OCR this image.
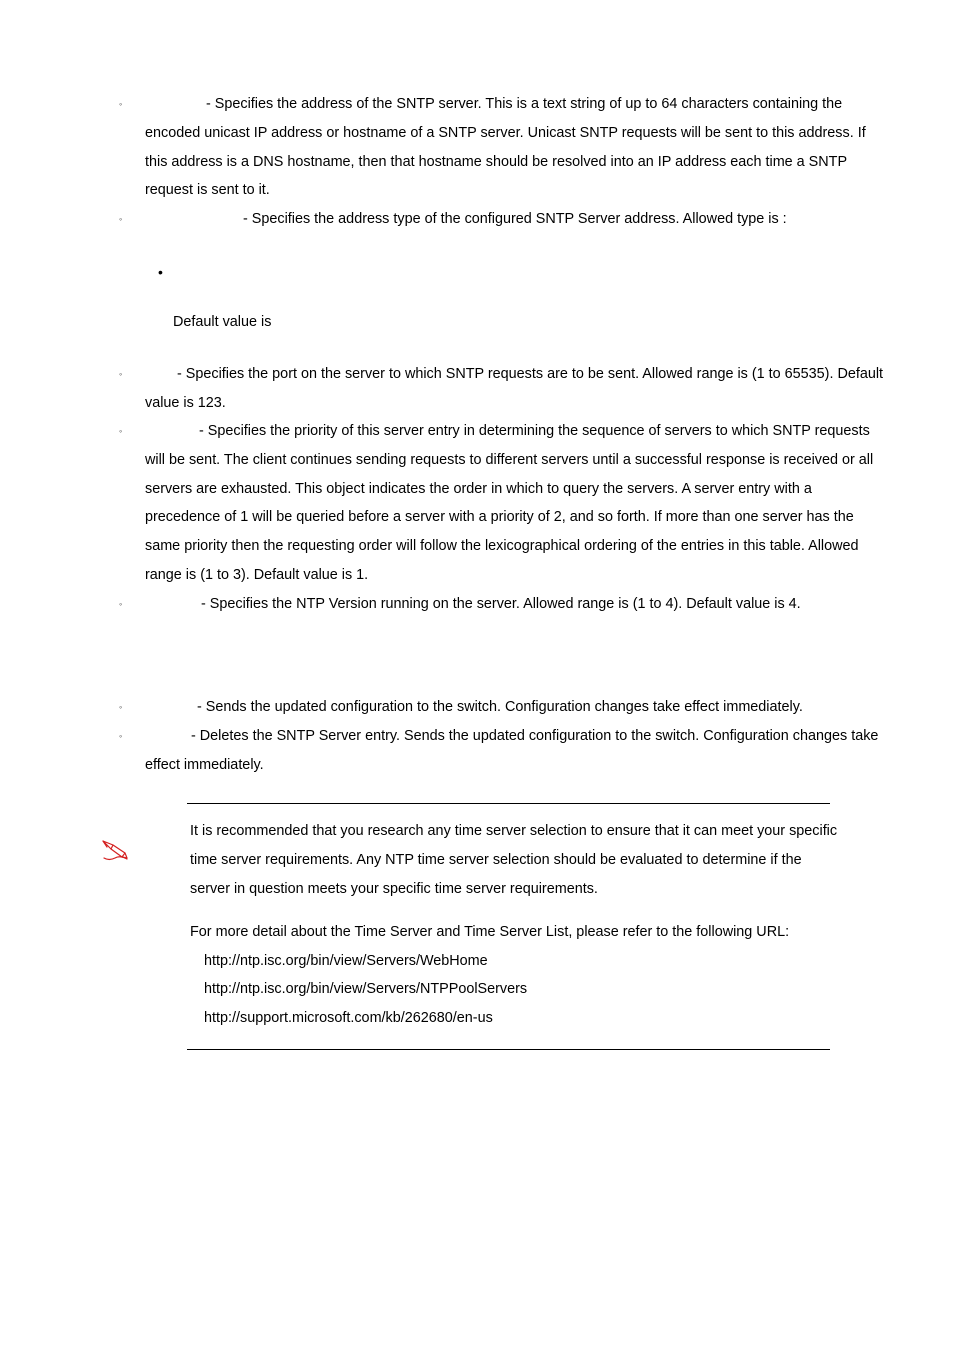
◦	- Specifies the address of the SNTP server. This is a text string of up to 64 characters containing the encoded unicast IP address or hostname of a SNTP server. Unicast SNTP requests will be sent to this address. If this address is a DNS hostname, then that hostname should be resolved into an IP address each time a SNTP request is sent to it.

◦	- Specifies the address type of the configured SNTP Server address. Allowed type is :

•

Default value is

◦	- Specifies the port on the server to which SNTP requests are to be sent. Allowed range is (1 to 65535). Default value is 123.

◦	- Specifies the priority of this server entry in determining the sequence of servers to which SNTP requests will be sent. The client continues sending requests to different servers until a successful response is received or all servers are exhausted. This object indicates the order in which to query the servers. A server entry with a precedence of 1 will be queried before a server with a priority of 2, and so forth. If more than one server has the same priority then the requesting order will follow the lexicographical ordering of the entries in this table. Allowed range is (1 to 3). Default value is 1.

◦	- Specifies the NTP Version running on the server. Allowed range is (1 to 4). Default value is 4.

◦	- Sends the updated configuration to the switch. Configuration changes take effect immediately.

◦	- Deletes the SNTP Server entry. Sends the updated configuration to the switch. Configuration changes take effect immediately.

It is recommended that you research any time server selection to ensure that it can meet your specific time server requirements. Any NTP time server selection should be evaluated to determine if the server in question meets your specific time server requirements.

For more detail about the Time Server and Time Server List, please refer to the following URL:

http://ntp.isc.org/bin/view/Servers/WebHome

http://ntp.isc.org/bin/view/Servers/NTPPoolServers

http://support.microsoft.com/kb/262680/en-us
